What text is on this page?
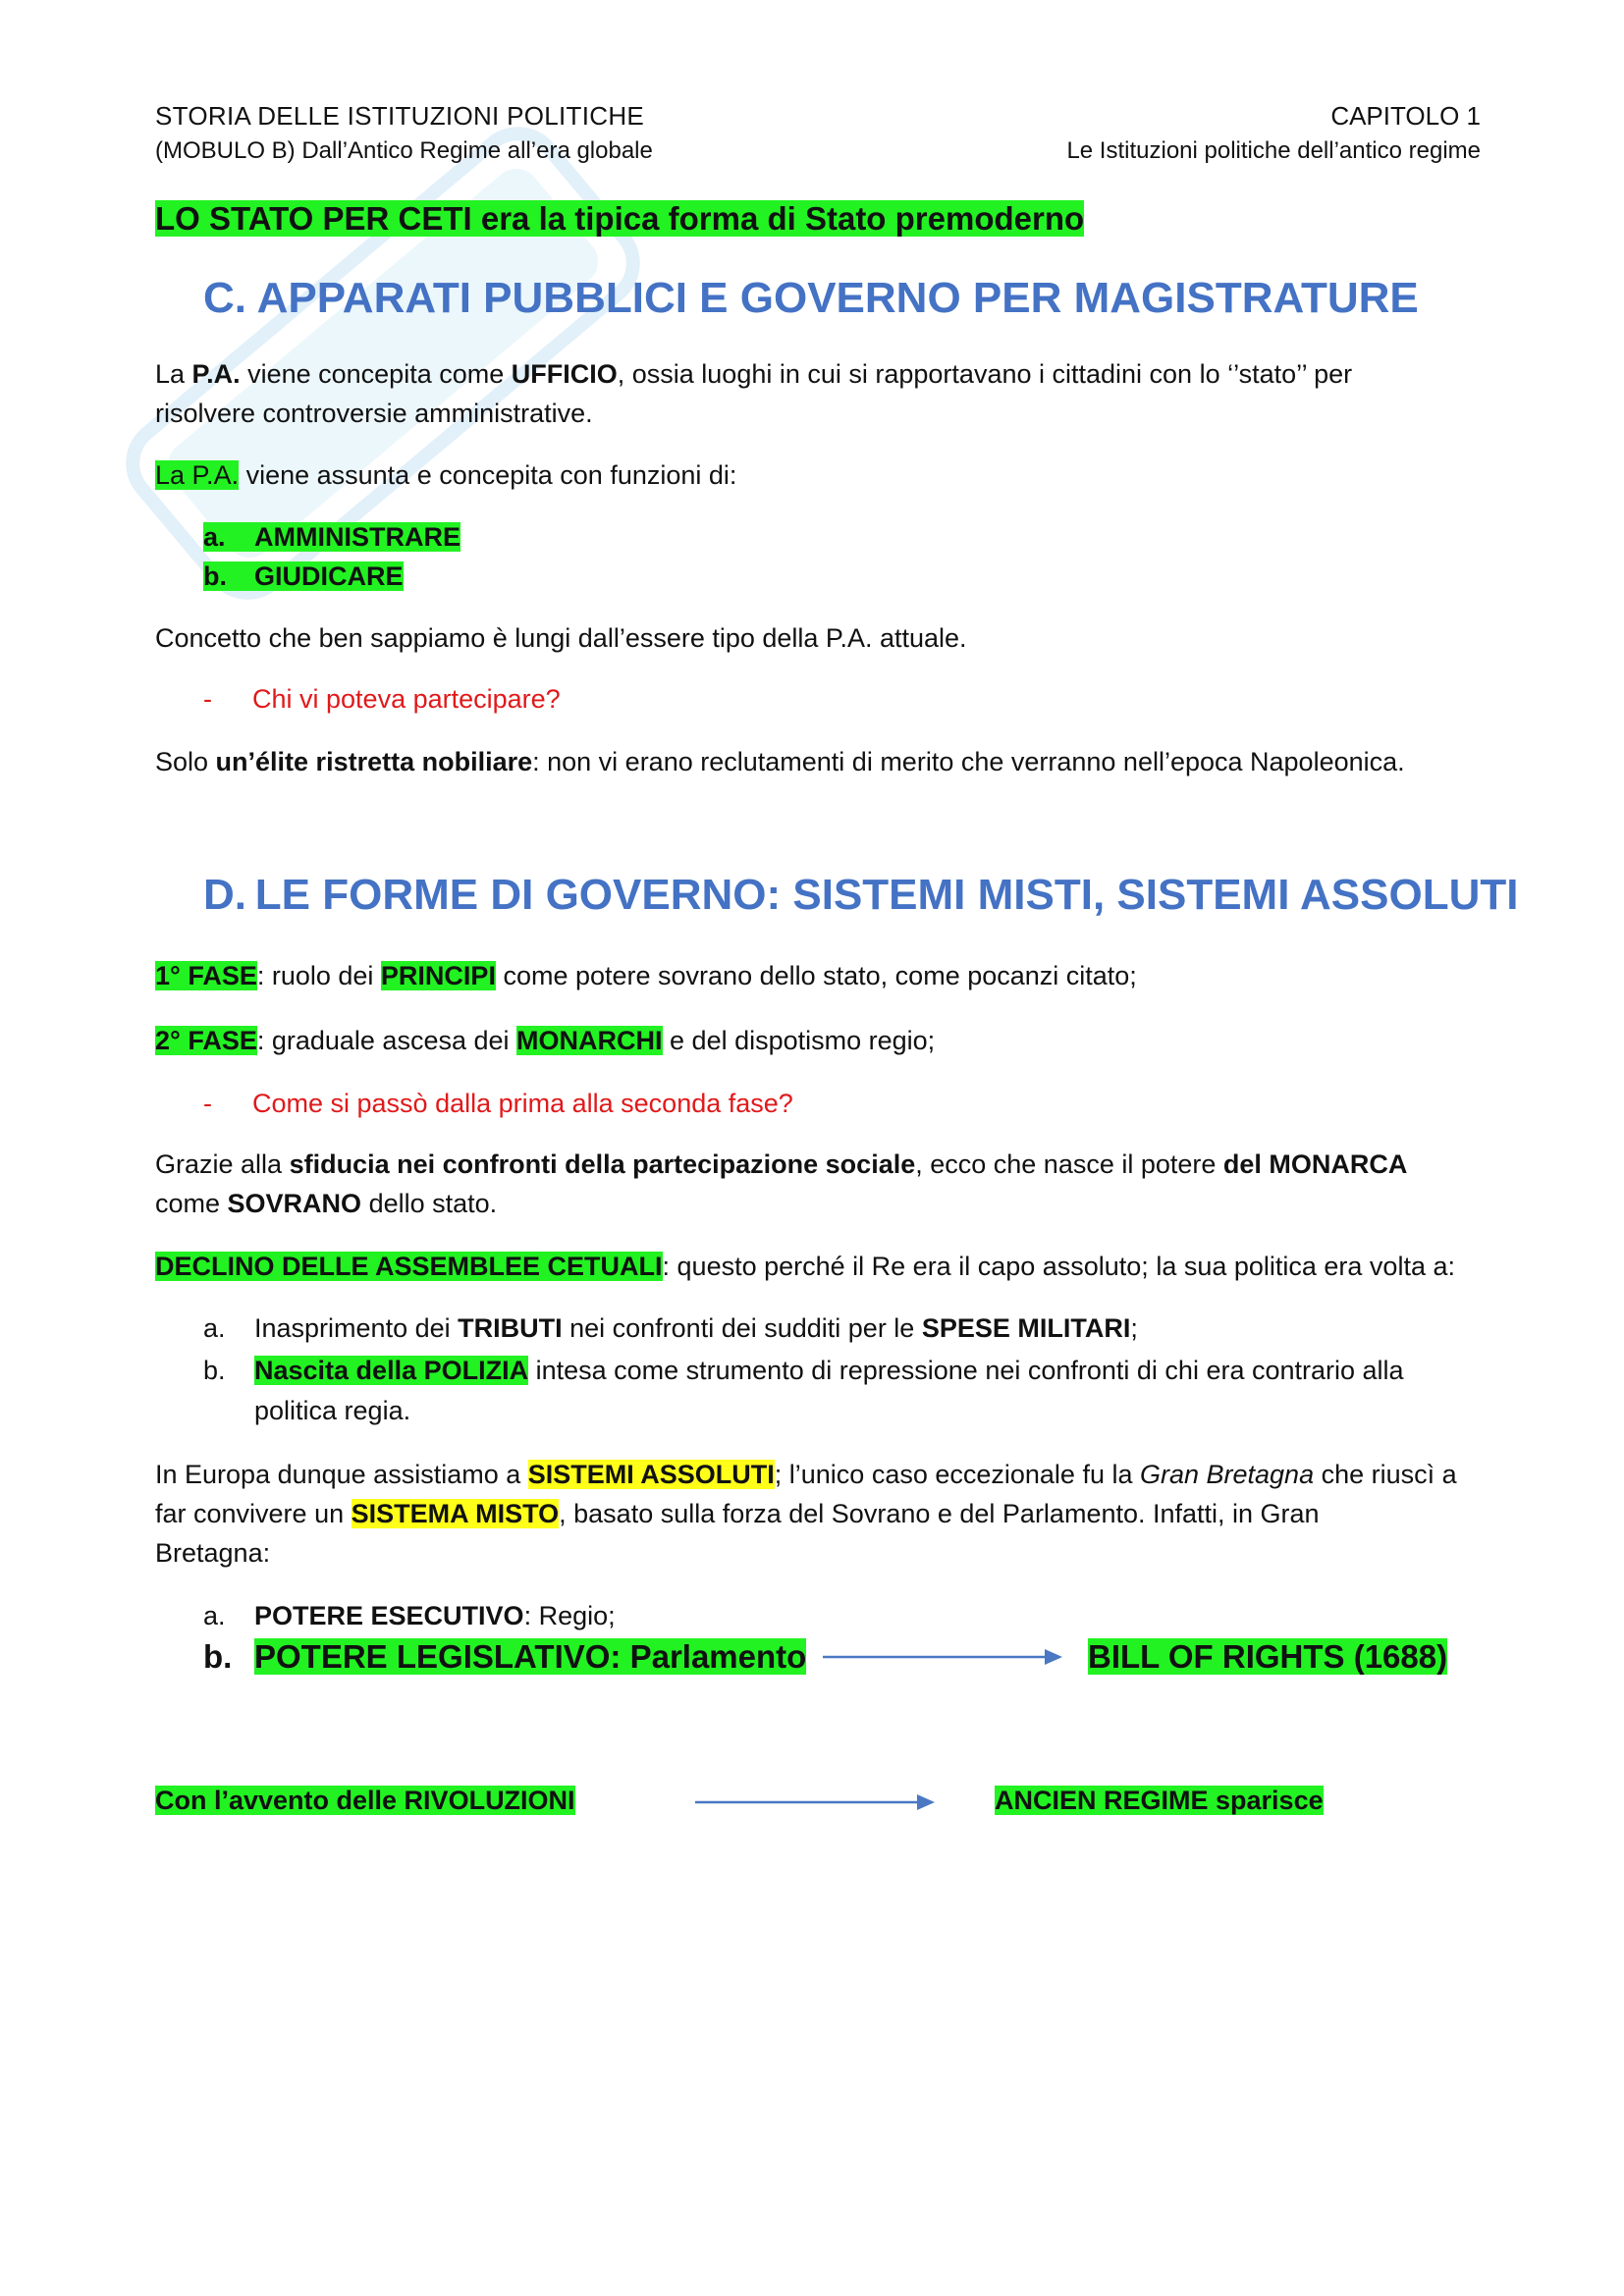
STORIA DELLE ISTITUZIONI POLITICHE
(MOBULO B) Dall’Antico Regime all’era globale
CAPITOLO 1
Le Istituzioni politiche dell’antico regime
LO STATO PER CETI era la tipica forma di Stato premoderno
C. APPARATI PUBBLICI E GOVERNO PER MAGISTRATURE
La P.A. viene concepita come UFFICIO, ossia luoghi in cui si rapportavano i cittadini con lo ‘’stato’’ per
risolvere controversie amministrative.
La P.A. viene assunta e concepita con funzioni di:
a. AMMINISTRARE
b. GIUDICARE
Concetto che ben sappiamo è lungi dall’essere tipo della P.A. attuale.
- Chi vi poteva partecipare?
Solo un’élite ristretta nobiliare: non vi erano reclutamenti di merito che verranno nell’epoca Napoleonica.
D. LE FORME DI GOVERNO: SISTEMI MISTI, SISTEMI ASSOLUTI
1° FASE: ruolo dei PRINCIPI come potere sovrano dello stato, come pocanzi citato;
2° FASE: graduale ascesa dei MONARCHI e del dispotismo regio;
- Come si passò dalla prima alla seconda fase?
Grazie alla sfiducia nei confronti della partecipazione sociale, ecco che nasce il potere del MONARCA
come SOVRANO dello stato.
DECLINO DELLE ASSEMBLEE CETUALI: questo perché il Re era il capo assoluto; la sua politica era volta a:
a. Inasprimento dei TRIBUTI nei confronti dei sudditi per le SPESE MILITARI;
b. Nascita della POLIZIA intesa come strumento di repressione nei confronti di chi era contrario alla
politica regia.
In Europa dunque assistiamo a SISTEMI ASSOLUTI; l’unico caso eccezionale fu la Gran Bretagna che riuscì a
far convivere un SISTEMA MISTO, basato sulla forza del Sovrano e del Parlamento. Infatti, in Gran
Bretagna:
a. POTERE ESECUTIVO: Regio;
b. POTERE LEGISLATIVO: Parlamento	BILL OF RIGHTS (1688)
Con l’avvento delle RIVOLUZIONI	ANCIEN REGIME sparisce
